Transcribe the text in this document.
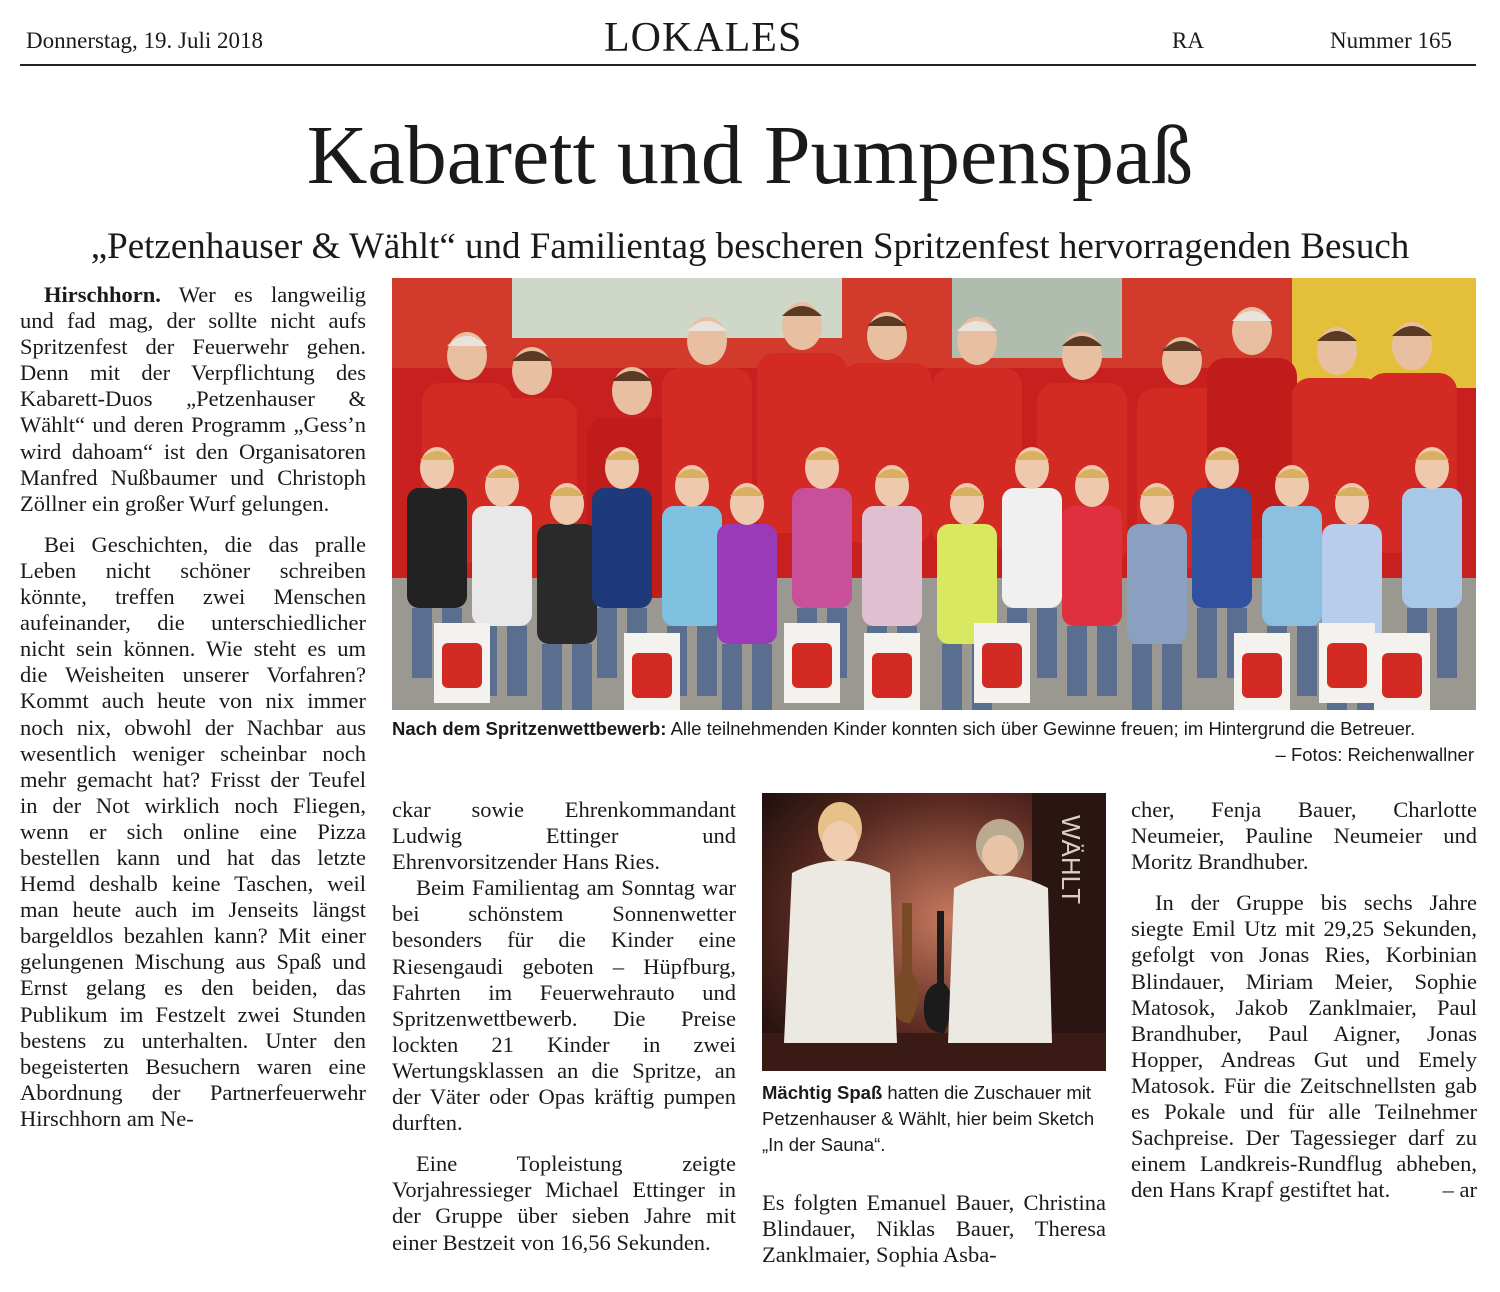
Donnerstag, 19. Juli 2018	LOKALES	RA	Nummer 165
Kabarett und Pumpenspaß
„Petzenhauser & Wählt“ und Familientag bescheren Spritzenfest hervorragenden Besuch

Hirschhorn. Wer es langweilig und fad mag, der sollte nicht aufs Spritzenfest der Feuerwehr gehen. Denn mit der Verpflichtung des Kabarett-Duos „Petzenhauser & Wählt“ und deren Programm „Gess’n wird dahoam“ ist den Organisatoren Manfred Nußbaumer und Christoph Zöllner ein großer Wurf gelungen.

Bei Geschichten, die das pralle Leben nicht schöner schreiben könnte, treffen zwei Menschen aufeinander, die unterschiedlicher nicht sein können. Wie steht es um die Weisheiten unserer Vorfahren? Kommt auch heute von nix immer noch nix, obwohl der Nachbar aus wesentlich weniger scheinbar noch mehr gemacht hat? Frisst der Teufel in der Not wirklich noch Fliegen, wenn er sich online eine Pizza bestellen kann und hat das letzte Hemd deshalb keine Taschen, weil man heute auch im Jenseits längst bargeldlos bezahlen kann? Mit einer gelungenen Mischung aus Spaß und Ernst gelang es den beiden, das Publikum im Festzelt zwei Stunden bestens zu unterhalten. Unter den begeisterten Besuchern waren eine Abordnung der Partnerfeuerwehr Hirschhorn am Ne-

Nach dem Spritzenwettbewerb: Alle teilnehmenden Kinder konnten sich über Gewinne freuen; im Hintergrund die Betreuer.
– Fotos: Reichenwallner

ckar sowie Ehrenkommandant Ludwig Ettinger und Ehrenvorsitzender Hans Ries.

Beim Familientag am Sonntag war bei schönstem Sonnenwetter besonders für die Kinder eine Riesengaudi geboten – Hüpfburg, Fahrten im Feuerwehrauto und Spritzenwettbewerb. Die Preise lockten 21 Kinder in zwei Wertungsklassen an die Spritze, an der Väter oder Opas kräftig pumpen durften.

Eine Topleistung zeigte Vorjahressieger Michael Ettinger in der Gruppe über sieben Jahre mit einer Bestzeit von 16,56 Sekunden.

WÄHLT
Mächtig Spaß hatten die Zuschauer mit Petzenhauser & Wählt, hier beim Sketch „In der Sauna“.

Es folgten Emanuel Bauer, Christina Blindauer, Niklas Bauer, Theresa Zanklmaier, Sophia Asba-

cher, Fenja Bauer, Charlotte Neumeier, Pauline Neumeier und Moritz Brandhuber.

In der Gruppe bis sechs Jahre siegte Emil Utz mit 29,25 Sekunden, gefolgt von Jonas Ries, Korbinian Blindauer, Miriam Meier, Sophie Matosok, Jakob Zanklmaier, Paul Brandhuber, Paul Aigner, Jonas Hopper, Andreas Gut und Emely Matosok. Für die Zeitschnellsten gab es Pokale und für alle Teilnehmer Sachpreise. Der Tagessieger darf zu einem Landkreis-Rundflug abheben, den Hans Krapf gestiftet hat.	– ar
